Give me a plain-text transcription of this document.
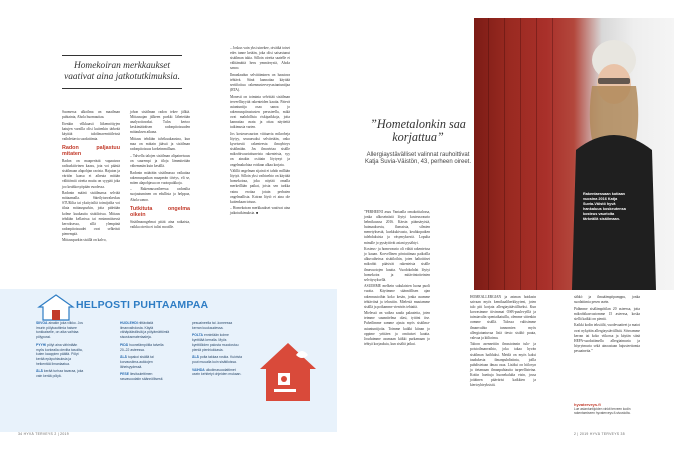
Homekoiran merkkaukset vaativat aina jatkotutkimuksia.

Suomessa ulkoilma on maailman puhtainta, Ahola huomauttaa.

Etenkin vilkkaasti liikennöityjen katujen varsilla olisi kuitenkin tärkeää käyttää tuloilmaventtiileissä vaihdettavia suodattimia.

Radon paljastuu mitaten

Radon on maaperästä vapautuva radioaktiivinen kaasu, jota voi päästä sisäilmaan alapohjan raoista. Hajuton ja väritön kaasu ei aiheuta mitään välittömiä oireita mutta on syypää joka joo keuhkosyöpään vuodessa.

Radonin määrä sisäilmassa selviää mittaamalla. Säteilyturvakeskus STUKilta tai yksityisiltä toimijoilta voi tilata mittauspurkin, joita pidetään kolme kuukautta sisätiloissa. Mittaus tehdään kellarissa tai ensimmäisessä kerroksessa, sillä ylempänä radonpitoisuudet ovat selkeästi pienempiä.

Mittauspurkin sisällä on kalvo,

johon sisäilman radon tekee jälkiä. Mittausajan jälkeen purkki lähetetään analysoitavaksi. Tulos kertoo keskimääräisen radonpitoisuuden mittauksen aikana.

Mittaus tehdään talvikuukausina, kun maa on mittain jäässä ja sisäilman radonpitoisuus korkeimmillaan.

– Talvella talojen sisäilman alipaineisuus on suurempi ja tiloja lämmitetään vähemmän kuin kesällä.

Radonin määrään sisäilmassa vaikuttaa rakennuspaikan maaperän tiiviys, eli se, miten alapohjassa on vuotopaikkoja.

– Rakennusvaiheessa radonilta suojautuminen on edullista ja helppoa, Ahola sanoo.

Tutkituta ongelma oikein

Sisäilmaongelmat pitää aina ratkaista, vaikka oireita ei tulisi mooille.

– Joskus vain yksi uinekee, oivätkä toiset edes tunne ketään, joka olisi saisastunut sisäilman takia. Silloin oireita saatelle ei välttämättä heru ymmärrystä, Ahola sanoo.

Ilmanlaadun selvittäminen on haastava tehtävä. Siinä kannattaa käyttää sertifioitua rakennusterveysasiantuntijaa (RTA).

Monesti on toiminta selvittää sisäilman terveellisyyttä rakenteiden kautta. Pätevä asiantuntija osaa sanoa jo rakennuspiirustusten perusteella, mikä ovat mahdollisia riskipaikkoja, joita kannattaa avata ja ottaa näytteitä tutkimusta varten.

Jos kosteusvaurion viittaavia mikrobeja löytyy, seuraavaksi selvitetään, onko kyseisestä rakenteesta ilmayhteys sisäilmään. Jos ilmavirtaa sisälle mikrobivaurioituneista rakenteista, syy on ainakin osittain löytynyt ja ongelmakohtaa voidaan alkaa korjata.

Välillä ongelman sijainti ei tahdo millään löytyä. Silloin yksi vaihtoehto on käyttää homekoiraa, joka näytää omalla merkeillään paikat, joista sen tarkka vainu erottaa jotain perhaten ongelmallista. Koiran löytö ei aina ole kuitenkaan totuus.

– Homekoiran merkkaukset vaativat aina jatkotutkimuksia. ■

HELPOSTI PUHTAAMPAA

SIIVOA ainakin joka viikko. Jos imurin pölykauttimia haisee tunkkaiselle, on aika vaihtaa pölypussi.

PYYHI pölyt aina vähintään myös korkealla olevilta tasoilta, kuten kaappien päältä. Pölyt kerää epäpuhtauksia ja heikentää ilmanlaatua.

ÄLÄ kerää turhaa tavaraa, joka vain kerää pölyä.

HUOLEHDI riittävästä ilmanvaihdosta. Käytä vähäpäästöisiä ja pölyämättömiä sisustusmateriaaleja.

PIDÄ huonelämpötila talvella 20–22 asteessa.

ÄLÄ tupakoi sisällä tai korvausilma-aukkojen läheisyydessä.

PESE liesituulettimen rasvasuodatin säännöllisesti.

pesuaineella tai -koneessa kerran kuukaudessa.

POLTA ennintään kolme kynttilää kerralla. Myös kynttilöiden palosta muodostuu pieniä pienhiukkasia.

ÄLÄ polta takkaa roskia. Kuivista puut muualla kuin sisätiloissa.

VAIHDA ulkoilmasuodattimet usein kehitetyt ohjeiden mukaan.

34 HYVÄ TERVEYS 2 | 2019
Rakentaessaan kotiaan vuosina 2016 Katja Suvia-Väistö hyvä hankaluus koskeutensa kosteus vaurioita tärkeällä sisäilmaan.
”Hometalonkin saa korjattua”
Allergiaystävälliset valinnat rauhoittivat Katja Suvia-Väistön, 43, perheen oireet.

”PERHEENI asuu Vantaalla omakotitalossa, jonka ulkoseinästä löytyi kosteusvaurio helmikuussa 2016. Kärsin päänsäryistä, huimauksesta, flunssista, silmien menetyksestä, kurkkukivusta, keuhkoputken tulehduksista ja väsymyksestä. Lopulta minulle jo pysäyttivät asiani pysähtyi.

Kosteus- ja homevaurio oli vähät rakenteissa jo kauan. Korvellinen pöntutiimaa paikoilla alkuvaiheissa sisätiloihin, joten haltoittiset mikrobit pääsivät rakenteista sisälle ilmavuotojen kautta. Vuodokohdat löytyi homekoira ja mitävöntotteinten selvitysyksellä.

ASUIMME melkein sukulaisten luona puoli vuotta. Käytimme säännöllisen ajan rakennustoihin koko kesän, jonka asumme tehtäviinä ja tehostiin. Mielestä muutamme sisällä ja poikamme vieniväs tehtaitä.

Mielessä on vaikea saada palautetta, joten teimme suunnitelma olasi, tyttöni itse. Puheilimme samme ajasta myös sisäilma-asiantuntijoita. Toimme kaikki kiinan jo oppime yrittäen ja omituiset kautta. Jouduimme asumaan kiikki purkamaan jo tehtyä korjauksia, kun sisältä jatkui.

HOMEALLERGIAN ja astman hoidasin saivaan myös kemikaaliherkkyyteni, joten talo piti korjata allergiayätävälliseksi. Kun korvasimme tiivimmat OSB-puulevyillä ja tuimiavalin spentaikatuilla, olemme sittenkin oomme sisällä. Talossa valitsimme ilmanvaihto tunnomien myös allergiatuntuvaa lisiä tiesto sisältö puuta, vahvaa ja kiiltoima.

Taloon asennettiin ilmastoinnin tulo- ja poistoilmanvaihto, joka takaa hyvän sisäilman haihluksi. Meidä on myös kaksi taudukesta ilmanpuhdistinta, joilla puhdistetaan ilmaa osaa. Lisäksi on hiilosyn ja tietamaan ilmanpuhtautta tarpeellisteina. Kotiin haettuja huonekalulta etsin, jossa joitäinen päävärisi kaikkien ja kiertoyhteyksistä.

sähkö ja ilmaäämpöpumppu, jonka suodattimia pesen usein.

Pidämme sisälämpötilan 20 asteessa, jotta mikrobikasvustomme 15 asteessa, koska siellä kaikki on pientä.

Kaikki kodin tekstiilit, vuodevaatteet ja matot ovat nykyään allergiaystävällisiä. Siivoamme kerran tai koko viikossa ja käytän siinä HEPA-suodattimella allergiaimuria ja höyryimuria sekä ainoastaan hajusteettomia pesuaineita.”

hyvaterveys.fi
Lue asiantuntijoiden vinkit terveen kodin rakentamiseen hyvaterveys.fi-sivustolta.
2 | 2019 HYVÄ TERVEYS 35
